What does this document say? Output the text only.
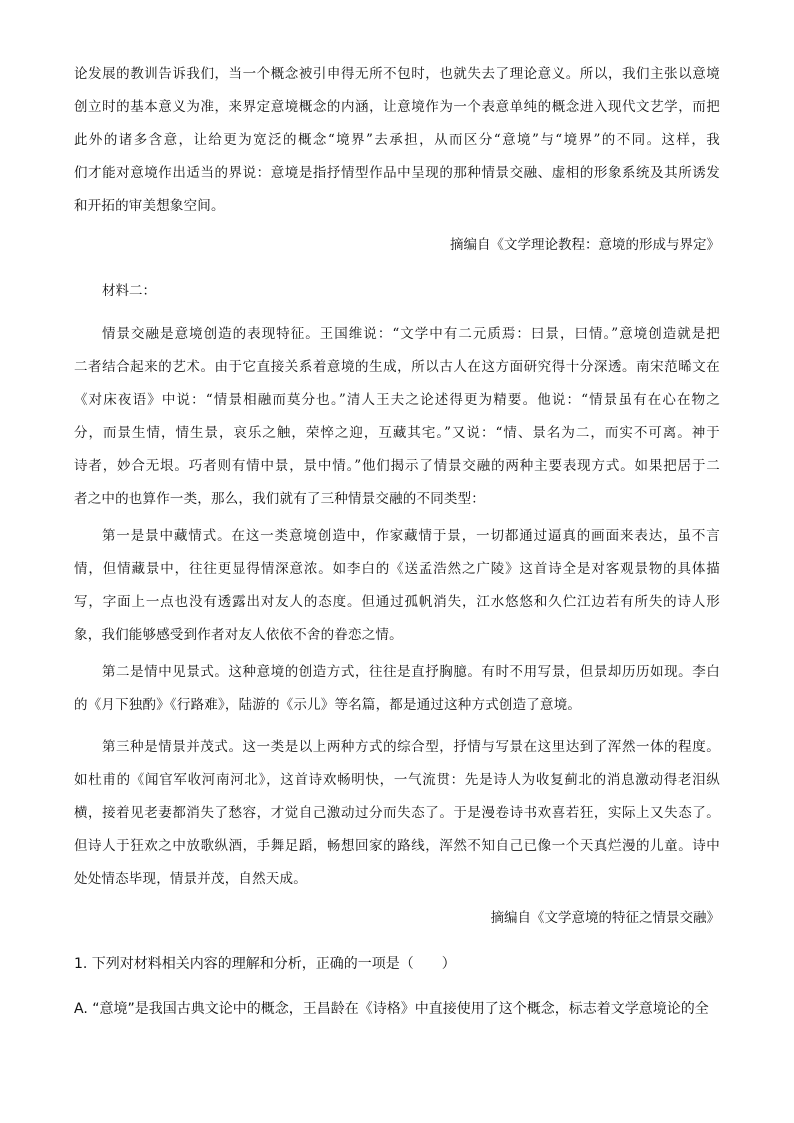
论发展的教训告诉我们，当一个概念被引申得无所不包时，也就失去了理论意义。所以，我们主张以意境
创立时的基本意义为准，来界定意境概念的内涵，让意境作为一个表意单纯的概念进入现代文艺学，而把
此外的诸多含意，让给更为宽泛的概念“境界”去承担，从而区分“意境”与“境界”的不同。这样，我
们才能对意境作出适当的界说：意境是指抒情型作品中呈现的那种情景交融、虚相的形象系统及其所诱发
和开拓的审美想象空间。
摘编自《文学理论教程：意境的形成与界定》
材料二：
情景交融是意境创造的表现特征。王国维说：“文学中有二元质焉：曰景，曰情。”意境创造就是把
二者结合起来的艺术。由于它直接关系着意境的生成，所以古人在这方面研究得十分深透。南宋范晞文在
《对床夜语》中说：“情景相融而莫分也。”清人王夫之论述得更为精要。他说：“情景虽有在心在物之
分，而景生情，情生景，哀乐之触，荣悴之迎，互藏其宅。”又说：“情、景名为二，而实不可离。神于
诗者，妙合无垠。巧者则有情中景，景中情。”他们揭示了情景交融的两种主要表现方式。如果把居于二
者之中的也算作一类，那么，我们就有了三种情景交融的不同类型：
第一是景中藏情式。在这一类意境创造中，作家藏情于景，一切都通过逼真的画面来表达，虽不言
情，但情藏景中，往往更显得情深意浓。如李白的《送孟浩然之广陵》这首诗全是对客观景物的具体描
写，字面上一点也没有透露出对友人的态度。但通过孤帆消失，江水悠悠和久伫江边若有所失的诗人形
象，我们能够感受到作者对友人依依不舍的眷恋之情。
第二是情中见景式。这种意境的创造方式，往往是直抒胸臆。有时不用写景，但景却历历如现。李白
的《月下独酌》《行路难》，陆游的《示儿》等名篇，都是通过这种方式创造了意境。
第三种是情景并茂式。这一类是以上两种方式的综合型，抒情与写景在这里达到了浑然一体的程度。
如杜甫的《闻官军收河南河北》，这首诗欢畅明快，一气流贯：先是诗人为收复蓟北的消息激动得老泪纵
横，接着见老妻都消失了愁容，才觉自己激动过分而失态了。于是漫卷诗书欢喜若狂，实际上又失态了。
但诗人于狂欢之中放歌纵酒，手舞足蹈，畅想回家的路线，浑然不知自己已像一个天真烂漫的儿童。诗中
处处情态毕现，情景并茂，自然天成。
摘编自《文学意境的特征之情景交融》
1. 下列对材料相关内容的理解和分析，正确的一项是（　　）
A. “意境”是我国古典文论中的概念，王昌龄在《诗格》中直接使用了这个概念，标志着文学意境论的全
